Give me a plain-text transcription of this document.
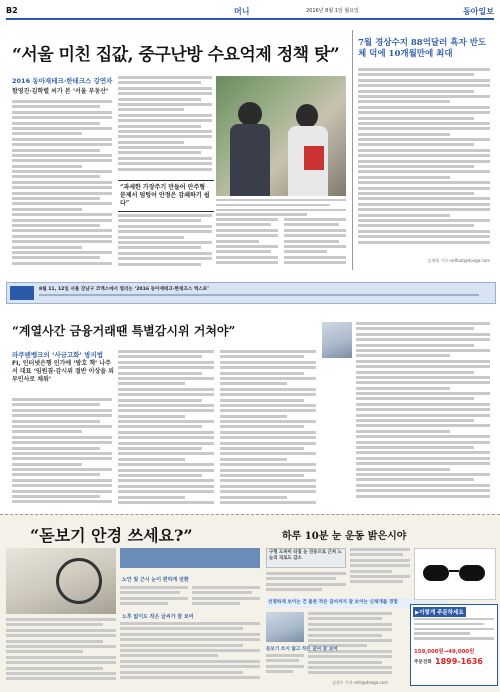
B2	머니	2016년 8월 1일 월요일	동아일보
“서울 미친 집값, 중구난방 수요억제 정책 탓”
2016 동아재테크·한태크스 강연자
함영진·김학렬 씨가 본 ‘서울 부동산’
“과세한 가장주기 만들어 안주형 문제서 덤텅어 안정은 감쇄하기 쉽다”
7월 경상수지 88억달러 흑자 반도체 덕에 10개월만에 최대
김재영 기자 redfoot@donga.com
8월 11, 12일 서울 강남구 코엑스에서 열리는 ‘2016 동아재테크·한태크스 엑스포’
“계열사간 금융거래땐 특별감시위 거쳐야”
라쿠텐뱅크의 ‘사금고화’ 방지법
FI, 인터넷은행 인가에 ‘방호 책’ 나주서 대표 ‘임원겸·감시위 절반 이상을 외부인사로 채워’
“돋보기 안경 쓰세요?”	하루 10분 눈 운동 밝은시야
노안 및 근시 눈이 편하게 전환
노후 없이도 작은 글씨가 잘 보여
구형 도파미 터질 눈 진동으로 근처 노 눈의 피로도 감소
선명하게 보이는 건 물론 작은 글씨까지 잘 보이는 신체개를 경험
돋보기 쓰지 않고 작은 글씨 잘 보여
▶이렇게 주문하세요
159,000원→49,000원
주문전화 1899-1636
김성수 기자 sshl@donga.com
